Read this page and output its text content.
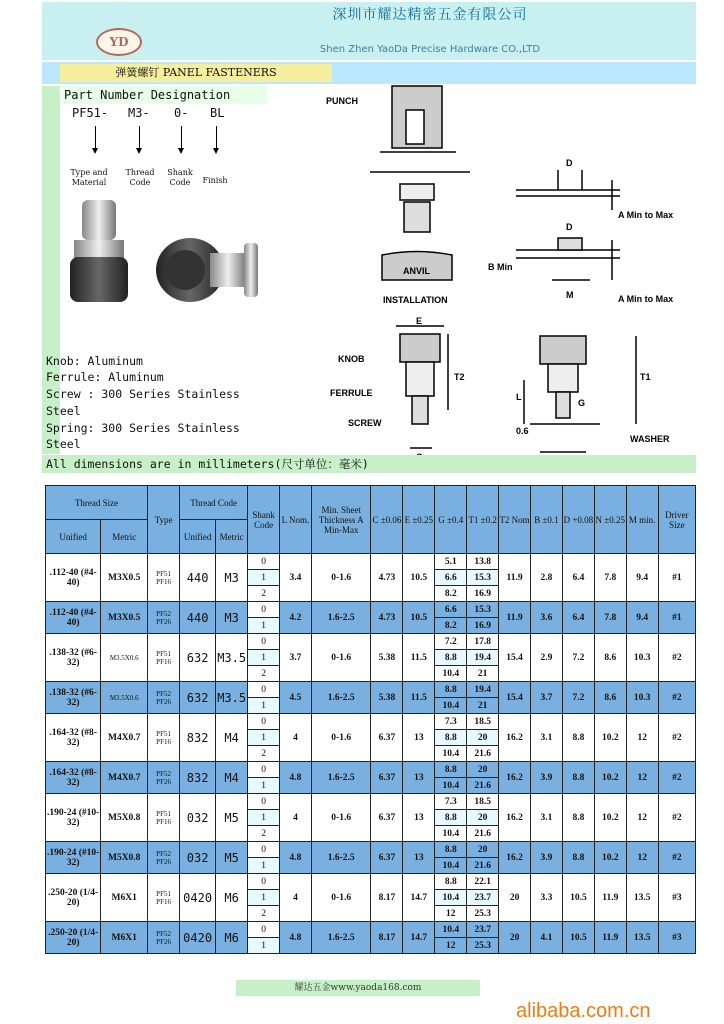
YD
深圳市耀达精密五金有限公司
Shen Zhen YaoDa Precise Hardware CO.,LTD
弹簧螺钉 PANEL FASTENERS
Part Number Designation
PF51- M3- 0- BL
Type and Material
Thread Code
Shank Code	Finish
Knob: Aluminum
Ferrule: Aluminum
Screw : 300 Series Stainless
Steel
Spring: 300 Series Stainless
Steel
PUNCH
ANVIL
INSTALLATION
D
A Min to Max
D
B Min
M	A Min to Max
E
KNOB
FERRULE
SCREW
T2	T1
L
G
0.6
WASHER
All dimensions are in millimeters(尺寸单位：毫米)
Thread Size		Type	Thread Code		Shank Code	L Nom.	Min. Sheet Thickness A Min-Max	C ±0.06	E ±0.25	G ±0.4	T1 ±0.2	T2 Nom	B ±0.1	D +0.08	N ±0.25	M min.	Driver Size
Unified	Metric		Unified	Metric													
.112-40 (#4-40)	M3X0.5	PF51 PF16	440	M3	0	3.4	0-1.6	4.73	10.5	5.1	13.8	11.9	2.8	6.4	7.8	9.4	#1
					1					6.6	15.3						
					2					8.2	16.9						
.112-40 (#4-40)	M3X0.5	PF52 PF26	440	M3	0	4.2	1.6-2.5	4.73	10.5	6.6	15.3	11.9	3.6	6.4	7.8	9.4	#1
					1					8.2	16.9						
.138-32 (#6-32)	M3.5X0.6	PF51 PF16	632	M3.5	0	3.7	0-1.6	5.38	11.5	7.2	17.8	15.4	2.9	7.2	8.6	10.3	#2
					1					8.8	19.4						
					2					10.4	21						
.138-32 (#6-32)	M3.5X0.6	PF52 PF26	632	M3.5	0	4.5	1.6-2.5	5.38	11.5	8.8	19.4	15.4	3.7	7.2	8.6	10.3	#2
					1					10.4	21						
.164-32 (#8-32)	M4X0.7	PF51 PF16	832	M4	0	4	0-1.6	6.37	13	7.3	18.5	16.2	3.1	8.8	10.2	12	#2
					1					8.8	20						
					2					10.4	21.6						
.164-32 (#8-32)	M4X0.7	PF52 PF26	832	M4	0	4.8	1.6-2.5	6.37	13	8.8	20	16.2	3.9	8.8	10.2	12	#2
					1					10.4	21.6						
.190-24 (#10-32)	M5X0.8	PF51 PF16	032	M5	0	4	0-1.6	6.37	13	7.3	18.5	16.2	3.1	8.8	10.2	12	#2
					1					8.8	20						
					2					10.4	21.6						
.190-24 (#10-32)	M5X0.8	PF52 PF26	032	M5	0	4.8	1.6-2.5	6.37	13	8.8	20	16.2	3.9	8.8	10.2	12	#2
					1					10.4	21.6						
.250-20 (1/4-20)	M6X1	PF51 PF16	0420	M6	0	4	0-1.6	8.17	14.7	8.8	22.1	20	3.3	10.5	11.9	13.5	#3
					1					10.4	23.7						
					2					12	25.3						
.250-20 (1/4-20)	M6X1	PF52 PF26	0420	M6	0	4.8	1.6-2.5	8.17	14.7	10.4	23.7	20	4.1	10.5	11.9	13.5	#3
					1					12	25.3						
耀达五金www.yaoda168.com
alibaba.com.cn
